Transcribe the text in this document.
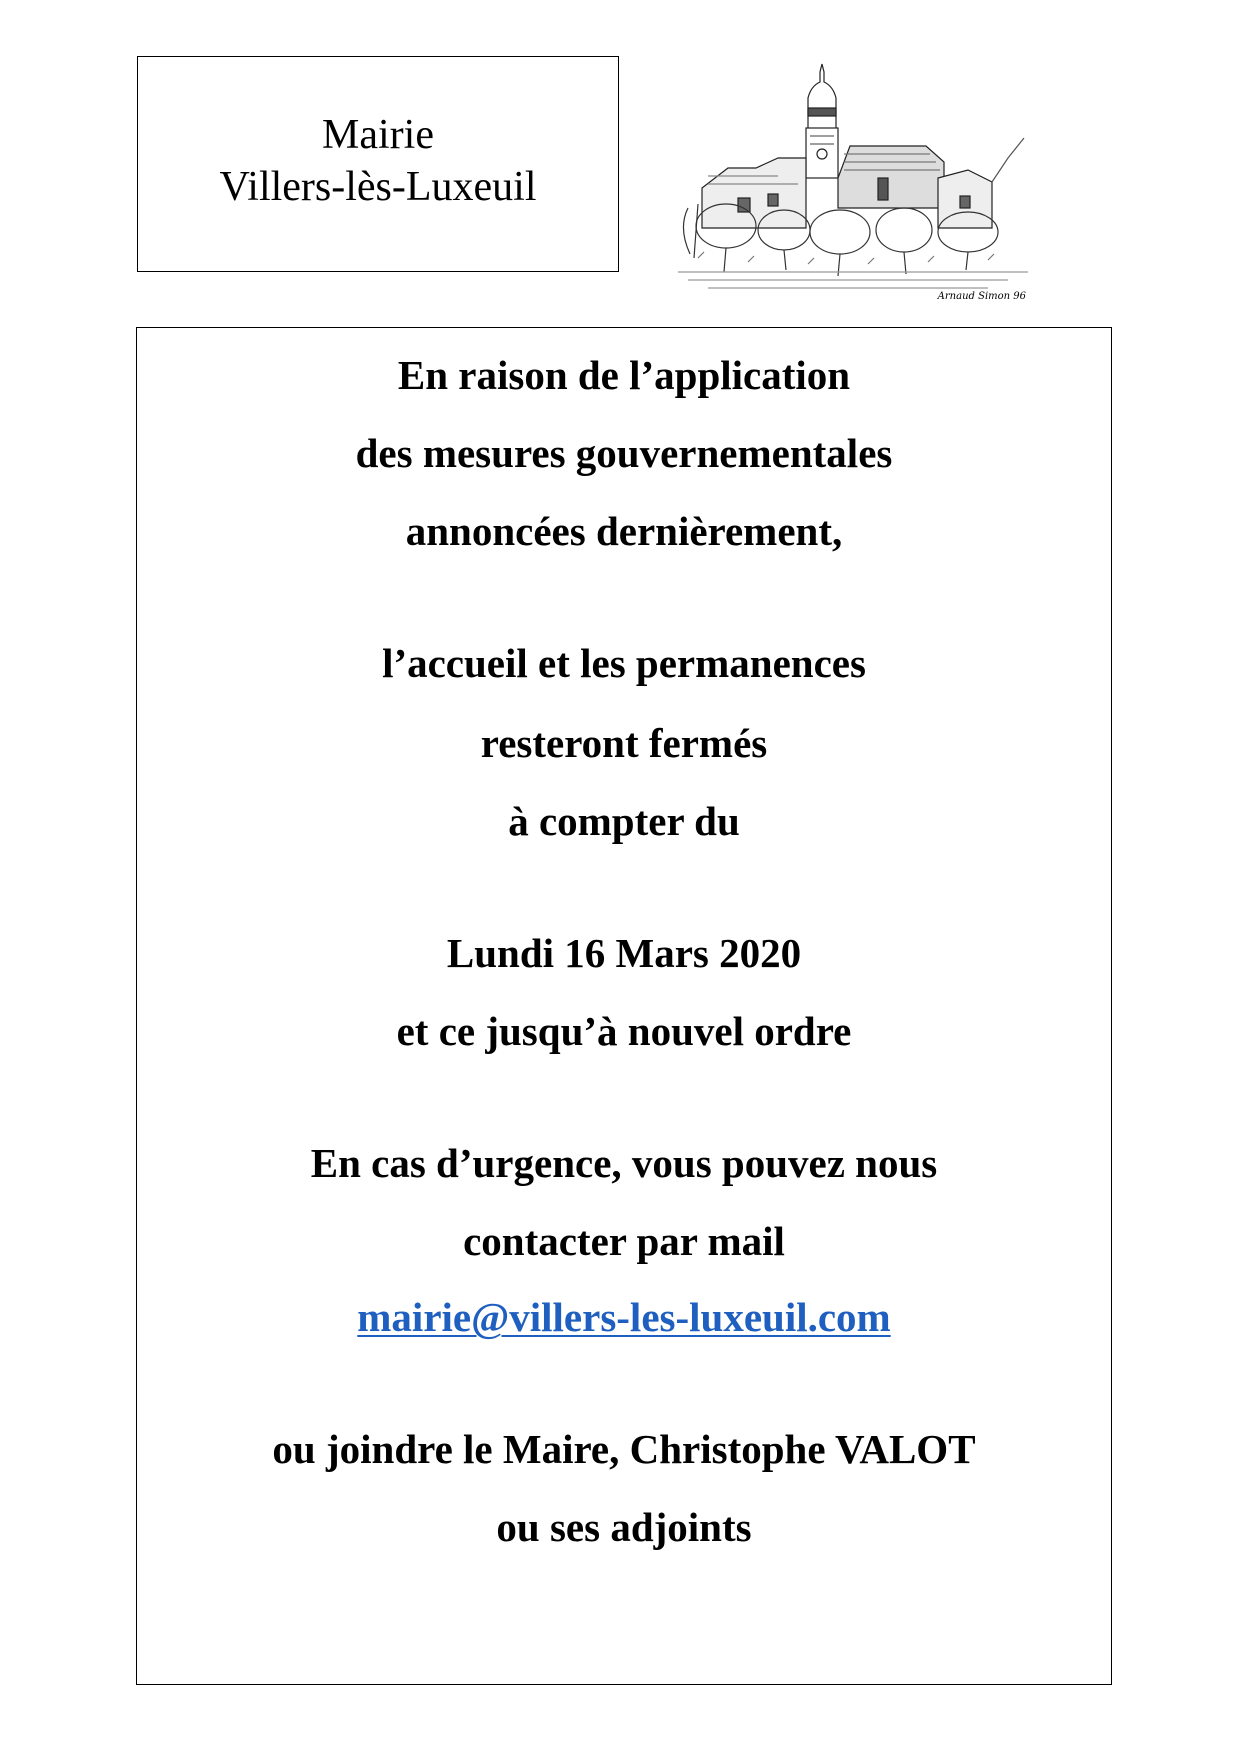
Mairie
Villers-lès-Luxeuil
Arnaud Simon 96

En raison de l’application

des mesures gouvernementales

annoncées dernièrement,

l’accueil et les permanences

resteront fermés

à compter du

Lundi 16 Mars 2020

et ce jusqu’à nouvel ordre

En cas d’urgence, vous pouvez nous

contacter par mail

mairie@villers-les-luxeuil.com

ou joindre le Maire, Christophe VALOT

ou ses adjoints
